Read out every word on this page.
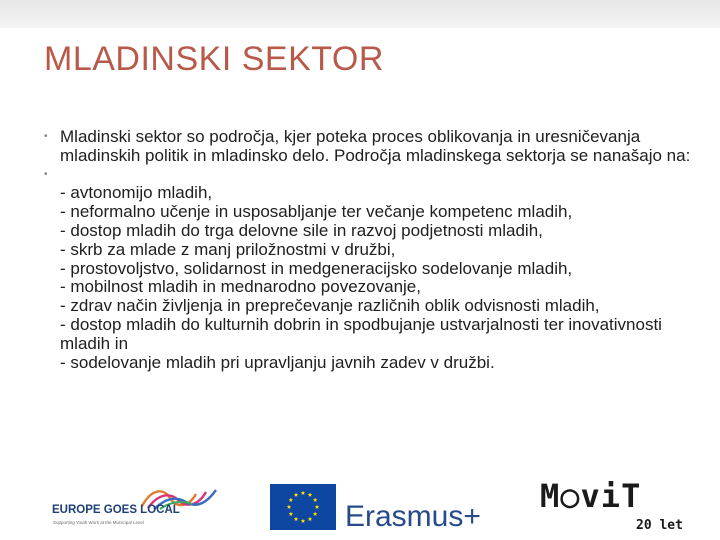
MLADINSKI SEKTOR
• Mladinski sektor so področja, kjer poteka proces oblikovanja in uresničevanja mladinskih politik in mladinsko delo. Področja mladinskega sektorja se nanašajo na:
•
- avtonomijo mladih,
- neformalno učenje in usposabljanje ter večanje kompetenc mladih,
- dostop mladih do trga delovne sile in razvoj podjetnosti mladih,
- skrb za mlade z manj priložnostmi v družbi,
- prostovoljstvo, solidarnost in medgeneracijsko sodelovanje mladih,
- mobilnost mladih in mednarodno povezovanje,
- zdrav način življenja in preprečevanje različnih oblik odvisnosti mladih,
- dostop mladih do kulturnih dobrin in spodbujanje ustvarjalnosti ter inovativnosti mladih in
- sodelovanje mladih pri upravljanju javnih zadev v družbi.
EUROPE GOES LOCAL
Supporting Youth Work at the Municipal Level	Erasmus+
M○viT
20 let
